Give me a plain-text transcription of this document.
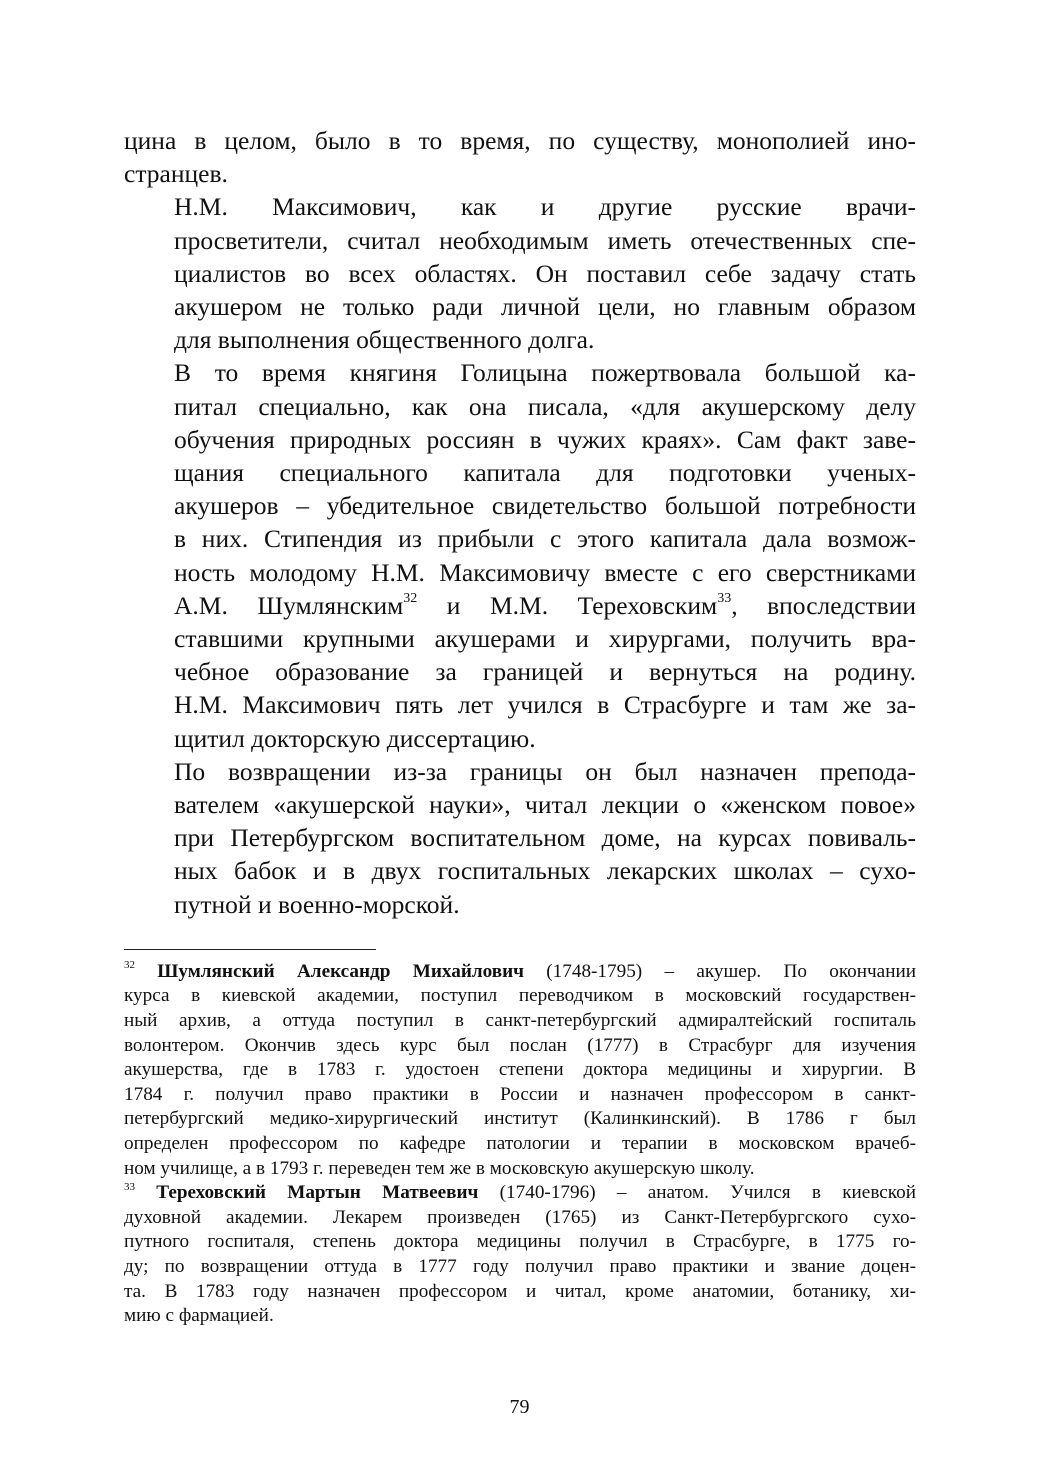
цина в целом, было в то время, по существу, монополией ино-
странцев.

Н.М. Максимович, как и другие русские врачи-
просветители, считал необходимым иметь отечественных спе-
циалистов во всех областях. Он поставил себе задачу стать
акушером не только ради личной цели, но главным образом
для выполнения общественного долга.

В то время княгиня Голицына пожертвовала большой ка-
питал специально, как она писала, «для акушерскому делу
обучения природных россиян в чужих краях». Сам факт заве-
щания специального капитала для подготовки ученых-
акушеров – убедительное свидетельство большой потребности
в них. Стипендия из прибыли с этого капитала дала возмож-
ность молодому Н.М. Максимовичу вместе с его сверстниками
А.М. Шумлянским$^{32}$ и М.М. Тереховским$^{33}$, впоследствии
ставшими крупными акушерами и хирургами, получить вра-
чебное образование за границей и вернуться на родину.
Н.М. Максимович пять лет учился в Страсбурге и там же за-
щитил докторскую диссертацию.

По возвращении из-за границы он был назначен препода-
вателем «акушерской науки», читал лекции о «женском повое»
при Петербургском воспитательном доме, на курсах повиваль-
ных бабок и в двух госпитальных лекарских школах – сухо-
путной и военно-морской.

$^{32}$ Шумлянский Александр Михайлович (1748-1795) – акушер. По окончании
курса в киевской академии, поступил переводчиком в московский государствен-
ный архив, а оттуда поступил в санкт-петербургский адмиралтейский госпиталь
волонтером. Окончив здесь курс был послан (1777) в Страсбург для изучения
акушерства, где в 1783 г. удостоен степени доктора медицины и хирургии. В
1784 г. получил право практики в России и назначен профессором в санкт-
петербургский медико-хирургический институт (Калинкинский). В 1786 г был
определен профессором по кафедре патологии и терапии в московском врачеб-
ном училище, а в 1793 г. переведен тем же в московскую акушерскую школу.

$^{33}$ Тереховский Мартын Матвеевич (1740-1796) – анатом. Учился в киевской
духовной академии. Лекарем произведен (1765) из Санкт-Петербургского сухо-
путного госпиталя, степень доктора медицины получил в Страсбурге, в 1775 го-
ду; по возвращении оттуда в 1777 году получил право практики и звание доцен-
та. В 1783 году назначен профессором и читал, кроме анатомии, ботанику, хи-
мию с фармацией.

79
